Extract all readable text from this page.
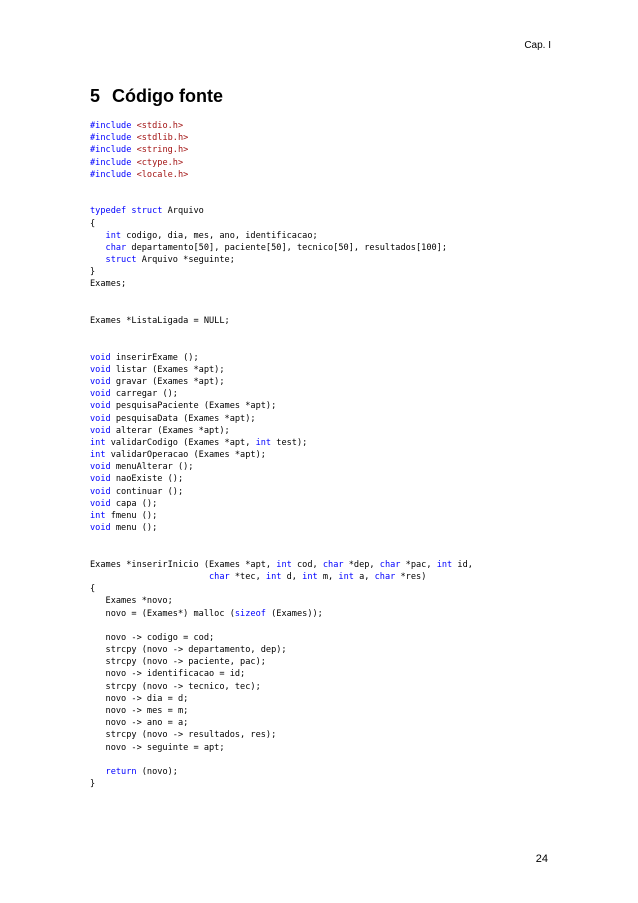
Cap. I
5 Código fonte
#include <stdio.h>
#include <stdlib.h>
#include <string.h>
#include <ctype.h>
#include <locale.h>

typedef struct Arquivo
{
int codigo, dia, mes, ano, identificacao;
char departamento[50], paciente[50], tecnico[50], resultados[100];
struct Arquivo *seguinte;
}
Exames;

Exames *ListaLigada = NULL;

void inserirExame ();
void listar (Exames *apt);
void gravar (Exames *apt);
void carregar ();
void pesquisaPaciente (Exames *apt);
void pesquisaData (Exames *apt);
void alterar (Exames *apt);
int validarCodigo (Exames *apt, int test);
int validarOperacao (Exames *apt);
void menuAlterar ();
void naoExiste ();
void continuar ();
void capa ();
int fmenu ();
void menu ();

Exames *inserirInicio (Exames *apt, int cod, char *dep, char *pac, int id,
char *tec, int d, int m, int a, char *res)
{
Exames *novo;
novo = (Exames*) malloc (sizeof (Exames));

novo -> codigo = cod;
strcpy (novo -> departamento, dep);
strcpy (novo -> paciente, pac);
novo -> identificacao = id;
strcpy (novo -> tecnico, tec);
novo -> dia = d;
novo -> mes = m;
novo -> ano = a;
strcpy (novo -> resultados, res);
novo -> seguinte = apt;

return (novo);
}
24
